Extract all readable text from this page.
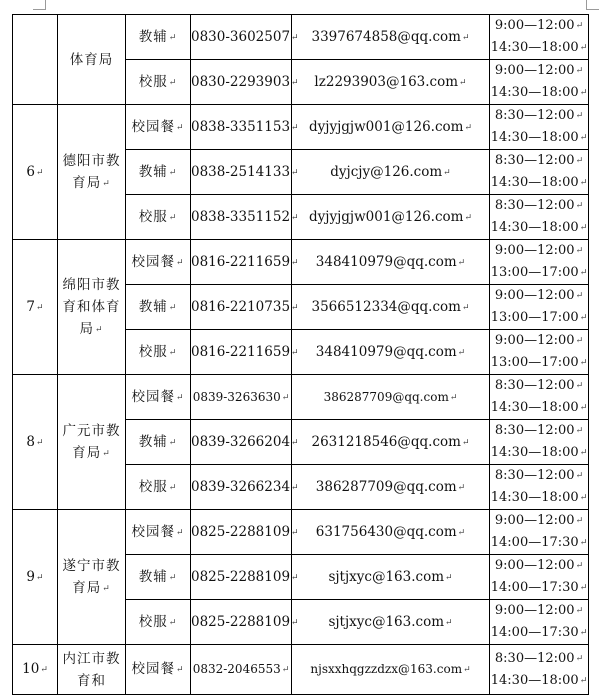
	体育局	教辅↵	0830-3602507↵	3397674858@qq.com↵	9:00—12:00↵
14:30—18:00↵
		校服↵	0830-2293903↵	lz2293903@163.com↵	9:00—12:00↵
14:30—18:00↵
6↵	德阳市教育局↵	校园餐↵	0838-3351153↵	dyjyjgjw001@126.com↵	8:30—12:00↵
14:30—18:00↵
		教辅↵	0838-2514133↵	dyjcjy@126.com↵	8:30—12:00↵
14:30—18:00↵
		校服↵	0838-3351152↵	dyjyjgjw001@126.com↵	8:30—12:00↵
14:30—18:00↵
7↵	绵阳市教育和体育局↵	校园餐↵	0816-2211659↵	348410979@qq.com↵	9:00—12:00↵
13:00—17:00↵
		教辅↵	0816-2210735↵	3566512334@qq.com↵	9:00—12:00↵
13:00—17:00↵
		校服↵	0816-2211659↵	348410979@qq.com↵	9:00—12:00↵
13:00—17:00↵
8↵	广元市教育局↵	校园餐↵	0839-3263630↵	386287709@qq.com↵	8:30—12:00↵
14:30—18:00↵
		教辅↵	0839-3266204↵	2631218546@qq.com↵	8:30—12:00↵
14:30—18:00↵
		校服↵	0839-3266234↵	386287709@qq.com↵	8:30—12:00↵
14:30—18:00↵
9↵	遂宁市教育局↵	校园餐↵	0825-2288109↵	631756430@qq.com↵	9:00—12:00↵
14:00—17:30↵
		教辅↵	0825-2288109↵	sjtjxyc@163.com↵	9:00—12:00↵
14:00—17:30↵
		校服↵	0825-2288109↵	sjtjxyc@163.com↵	9:00—12:00↵
14:00—17:30↵
10↵	内江市教育和	校园餐↵	0832-2046553↵	njsxxhqgzzdzx@163.com↵	8:30—12:00↵
14:30—18:00↵
